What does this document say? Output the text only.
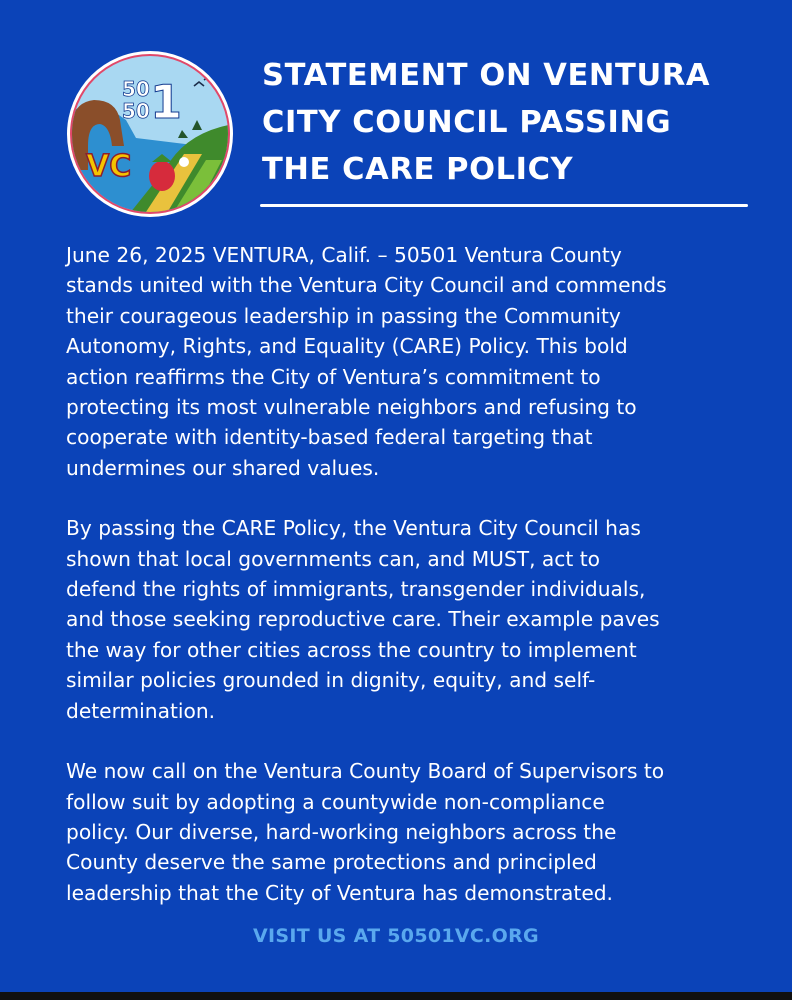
50
50 1
VC
STATEMENT ON VENTURA
CITY COUNCIL PASSING
THE CARE POLICY

June 26, 2025 VENTURA, Calif. – 50501 Ventura County
stands united with the Ventura City Council and commends
their courageous leadership in passing the Community
Autonomy, Rights, and Equality (CARE) Policy. This bold
action reaffirms the City of Ventura’s commitment to
protecting its most vulnerable neighbors and refusing to
cooperate with identity-based federal targeting that
undermines our shared values.

By passing the CARE Policy, the Ventura City Council has
shown that local governments can, and MUST, act to
defend the rights of immigrants, transgender individuals,
and those seeking reproductive care. Their example paves
the way for other cities across the country to implement
similar policies grounded in dignity, equity, and self-
determination.

We now call on the Ventura County Board of Supervisors to
follow suit by adopting a countywide non-compliance
policy. Our diverse, hard-working neighbors across the
County deserve the same protections and principled
leadership that the City of Ventura has demonstrated.

VISIT US AT 50501VC.ORG
